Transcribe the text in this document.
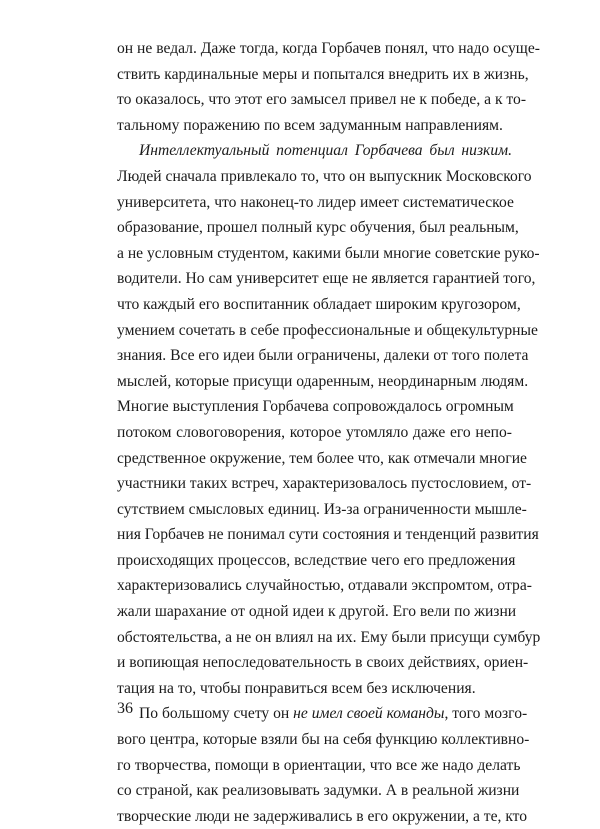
он не ведал. Даже тогда, когда Горбачев понял, что надо осуще-
ствить кардинальные меры и попытался внедрить их в жизнь,
то оказалось, что этот его замысел привел не к победе, а к то-
тальному поражению по всем задуманным направлениям.
Интеллектуальный потенциал Горбачева был низким.
Людей сначала привлекало то, что он выпускник Московского
университета, что наконец-то лидер имеет систематическое
образование, прошел полный курс обучения, был реальным,
а не условным студентом, какими были многие советские руко-
водители. Но сам университет еще не является гарантией того,
что каждый его воспитанник обладает широким кругозором,
умением сочетать в себе профессиональные и общекультурные
знания. Все его идеи были ограничены, далеки от того полета
мыслей, которые присущи одаренным, неординарным людям.
Многие выступления Горбачева сопровождалось огромным
потоком словоговорения, которое утомляло даже его непо-
средственное окружение, тем более что, как отмечали многие
участники таких встреч, характеризовалось пустословием, от-
сутствием смысловых единиц. Из-за ограниченности мышле-
ния Горбачев не понимал сути состояния и тенденций развития
происходящих процессов, вследствие чего его предложения
характеризовались случайностью, отдавали экспромтом, отра-
жали шарахание от одной идеи к другой. Его вели по жизни
обстоятельства, а не он влиял на их. Ему были присущи сумбур
и вопиющая непоследовательность в своих действиях, ориен-
тация на то, чтобы понравиться всем без исключения.
По большому счету он не имел своей команды, того мозго-
вого центра, которые взяли бы на себя функцию коллективно-
го творчества, помощи в ориентации, что все же надо делать
со страной, как реализовывать задумки. А в реальной жизни
творческие люди не задерживались в его окружении, а те, кто
36
